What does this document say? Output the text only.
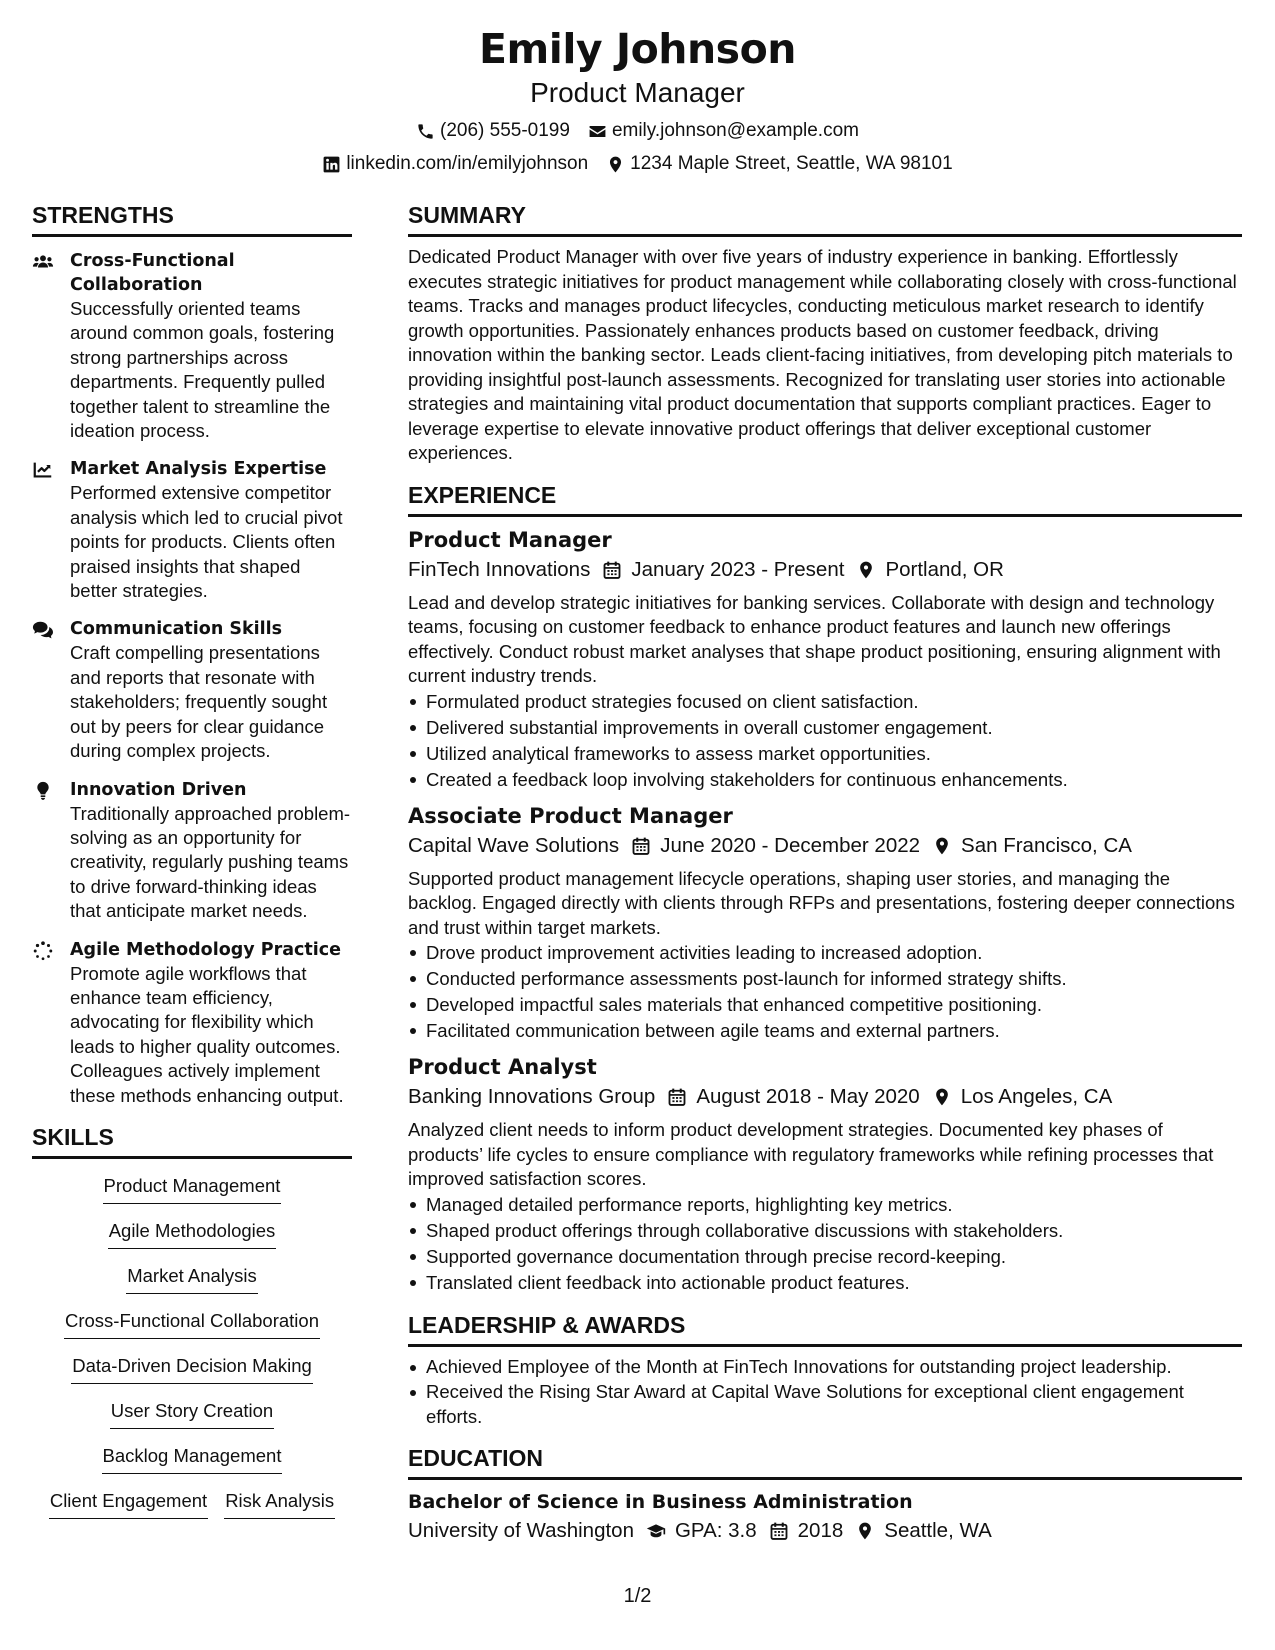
Emily Johnson
Product Manager
(206) 555-0199 emily.johnson@example.com
linkedin.com/in/emilyjohnson 1234 Maple Street, Seattle, WA 98101
STRENGTHS
Cross-Functional Collaboration
Successfully oriented teams around common goals, fostering strong partnerships across departments. Frequently pulled together talent to streamline the ideation process.
Market Analysis Expertise
Performed extensive competitor analysis which led to crucial pivot points for products. Clients often praised insights that shaped better strategies.
Communication Skills
Craft compelling presentations and reports that resonate with stakeholders; frequently sought out by peers for clear guidance during complex projects.
Innovation Driven
Traditionally approached problem-solving as an opportunity for creativity, regularly pushing teams to drive forward-thinking ideas that anticipate market needs.
Agile Methodology Practice
Promote agile workflows that enhance team efficiency, advocating for flexibility which leads to higher quality outcomes. Colleagues actively implement these methods enhancing output.
SKILLS
Product Management
Agile Methodologies
Market Analysis
Cross-Functional Collaboration
Data-Driven Decision Making
User Story Creation
Backlog Management
Client Engagement Risk Analysis
SUMMARY
Dedicated Product Manager with over five years of industry experience in banking. Effortlessly executes strategic initiatives for product management while collaborating closely with cross-functional teams. Tracks and manages product lifecycles, conducting meticulous market research to identify growth opportunities. Passionately enhances products based on customer feedback, driving innovation within the banking sector. Leads client-facing initiatives, from developing pitch materials to providing insightful post-launch assessments. Recognized for translating user stories into actionable strategies and maintaining vital product documentation that supports compliant practices. Eager to leverage expertise to elevate innovative product offerings that deliver exceptional customer experiences.
EXPERIENCE
Product Manager
FinTech Innovations January 2023 - Present Portland, OR
Lead and develop strategic initiatives for banking services. Collaborate with design and technology teams, focusing on customer feedback to enhance product features and launch new offerings effectively. Conduct robust market analyses that shape product positioning, ensuring alignment with current industry trends.
Formulated product strategies focused on client satisfaction.
Delivered substantial improvements in overall customer engagement.
Utilized analytical frameworks to assess market opportunities.
Created a feedback loop involving stakeholders for continuous enhancements.
Associate Product Manager
Capital Wave Solutions June 2020 - December 2022 San Francisco, CA
Supported product management lifecycle operations, shaping user stories, and managing the backlog. Engaged directly with clients through RFPs and presentations, fostering deeper connections and trust within target markets.
Drove product improvement activities leading to increased adoption.
Conducted performance assessments post-launch for informed strategy shifts.
Developed impactful sales materials that enhanced competitive positioning.
Facilitated communication between agile teams and external partners.
Product Analyst
Banking Innovations Group August 2018 - May 2020 Los Angeles, CA
Analyzed client needs to inform product development strategies. Documented key phases of products’ life cycles to ensure compliance with regulatory frameworks while refining processes that improved satisfaction scores.
Managed detailed performance reports, highlighting key metrics.
Shaped product offerings through collaborative discussions with stakeholders.
Supported governance documentation through precise record-keeping.
Translated client feedback into actionable product features.
LEADERSHIP & AWARDS
Achieved Employee of the Month at FinTech Innovations for outstanding project leadership.
Received the Rising Star Award at Capital Wave Solutions for exceptional client engagement efforts.
EDUCATION
Bachelor of Science in Business Administration
University of Washington GPA: 3.8 2018 Seattle, WA
1/2
